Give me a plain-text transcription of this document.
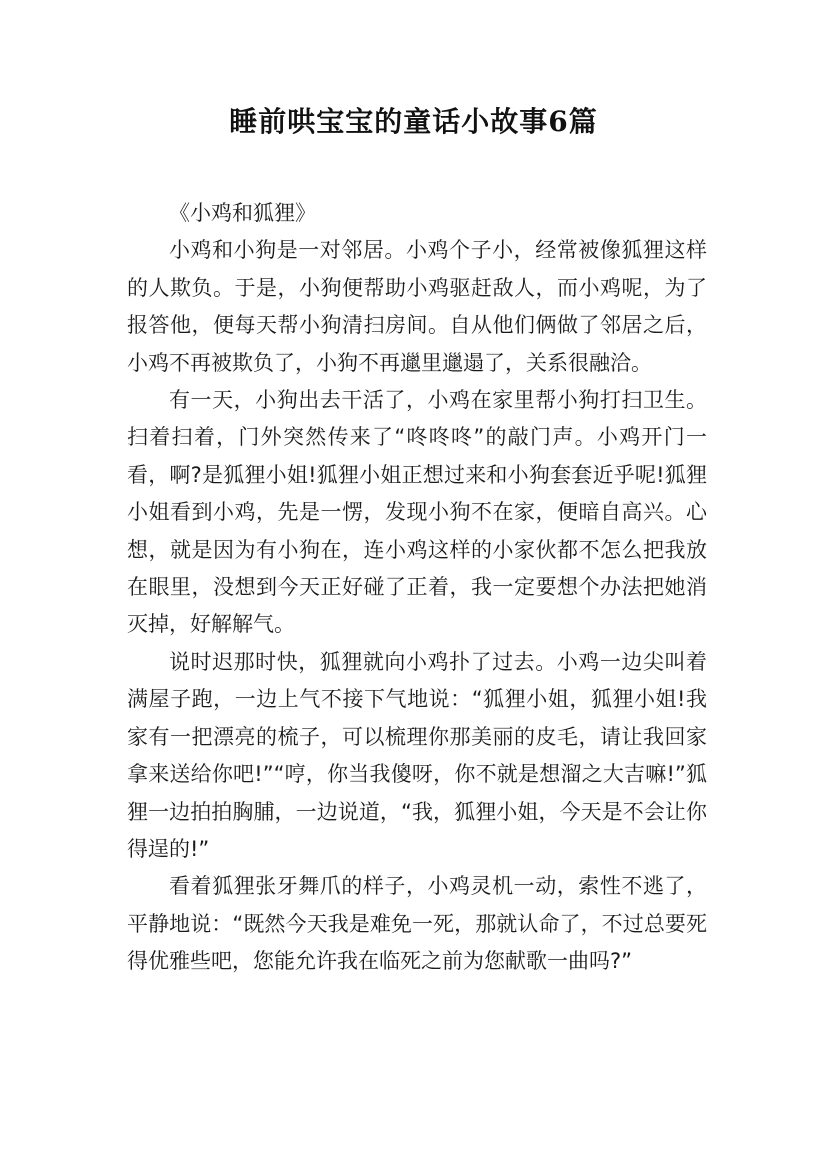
睡前哄宝宝的童话小故事6篇

《小鸡和狐狸》

小鸡和小狗是一对邻居。小鸡个子小，经常被像狐狸这样的人欺负。于是，小狗便帮助小鸡驱赶敌人，而小鸡呢，为了报答他，便每天帮小狗清扫房间。自从他们俩做了邻居之后，小鸡不再被欺负了，小狗不再邋里邋遢了，关系很融洽。

有一天，小狗出去干活了，小鸡在家里帮小狗打扫卫生。扫着扫着，门外突然传来了“咚咚咚”的敲门声。小鸡开门一看，啊?是狐狸小姐!狐狸小姐正想过来和小狗套套近乎呢!狐狸小姐看到小鸡，先是一愣，发现小狗不在家，便暗自高兴。心想，就是因为有小狗在，连小鸡这样的小家伙都不怎么把我放在眼里，没想到今天正好碰了正着，我一定要想个办法把她消灭掉，好解解气。

说时迟那时快，狐狸就向小鸡扑了过去。小鸡一边尖叫着满屋子跑，一边上气不接下气地说：“狐狸小姐，狐狸小姐!我家有一把漂亮的梳子，可以梳理你那美丽的皮毛，请让我回家拿来送给你吧!”“哼，你当我傻呀，你不就是想溜之大吉嘛!”狐狸一边拍拍胸脯，一边说道，“我，狐狸小姐，今天是不会让你得逞的!”

看着狐狸张牙舞爪的样子，小鸡灵机一动，索性不逃了，平静地说：“既然今天我是难免一死，那就认命了，不过总要死得优雅些吧，您能允许我在临死之前为您献歌一曲吗?”
